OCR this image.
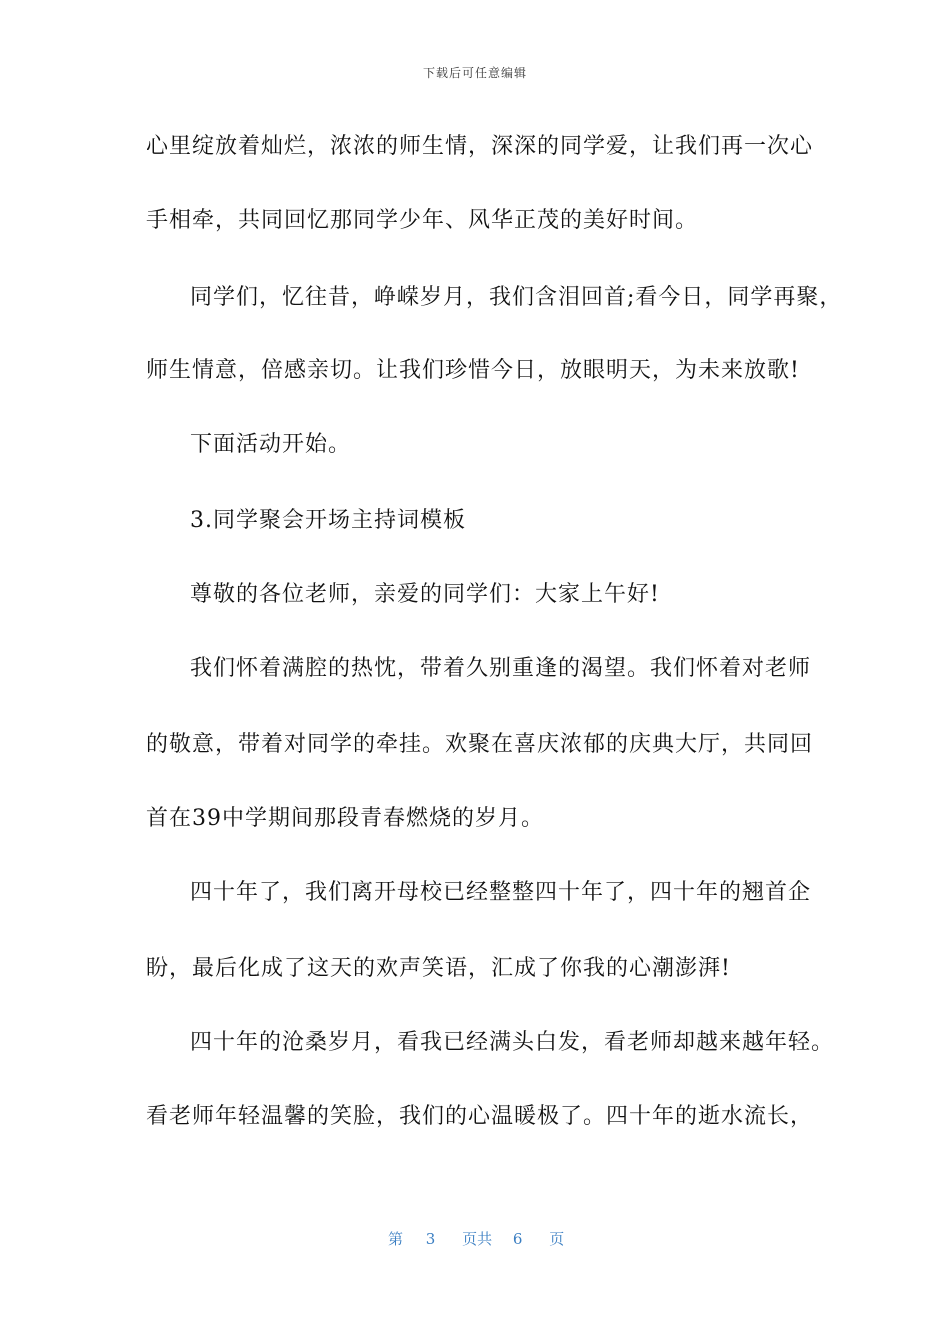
下载后可任意编辑
心里绽放着灿烂，浓浓的师生情，深深的同学爱，让我们再一次心
手相牵，共同回忆那同学少年、风华正茂的美好时间。
同学们，忆往昔，峥嵘岁月，我们含泪回首;看今日，同学再聚，
师生情意，倍感亲切。让我们珍惜今日，放眼明天，为未来放歌!
下面活动开始。
3.同学聚会开场主持词模板
尊敬的各位老师，亲爱的同学们：大家上午好!
我们怀着满腔的热忱，带着久别重逢的渴望。我们怀着对老师
的敬意，带着对同学的牵挂。欢聚在喜庆浓郁的庆典大厅，共同回
首在39中学期间那段青春燃烧的岁月。
四十年了，我们离开母校已经整整四十年了，四十年的翘首企
盼，最后化成了这天的欢声笑语，汇成了你我的心潮澎湃!
四十年的沧桑岁月，看我已经满头白发，看老师却越来越年轻。
看老师年轻温馨的笑脸，我们的心温暖极了。四十年的逝水流长，
第 3 页共 6 页
